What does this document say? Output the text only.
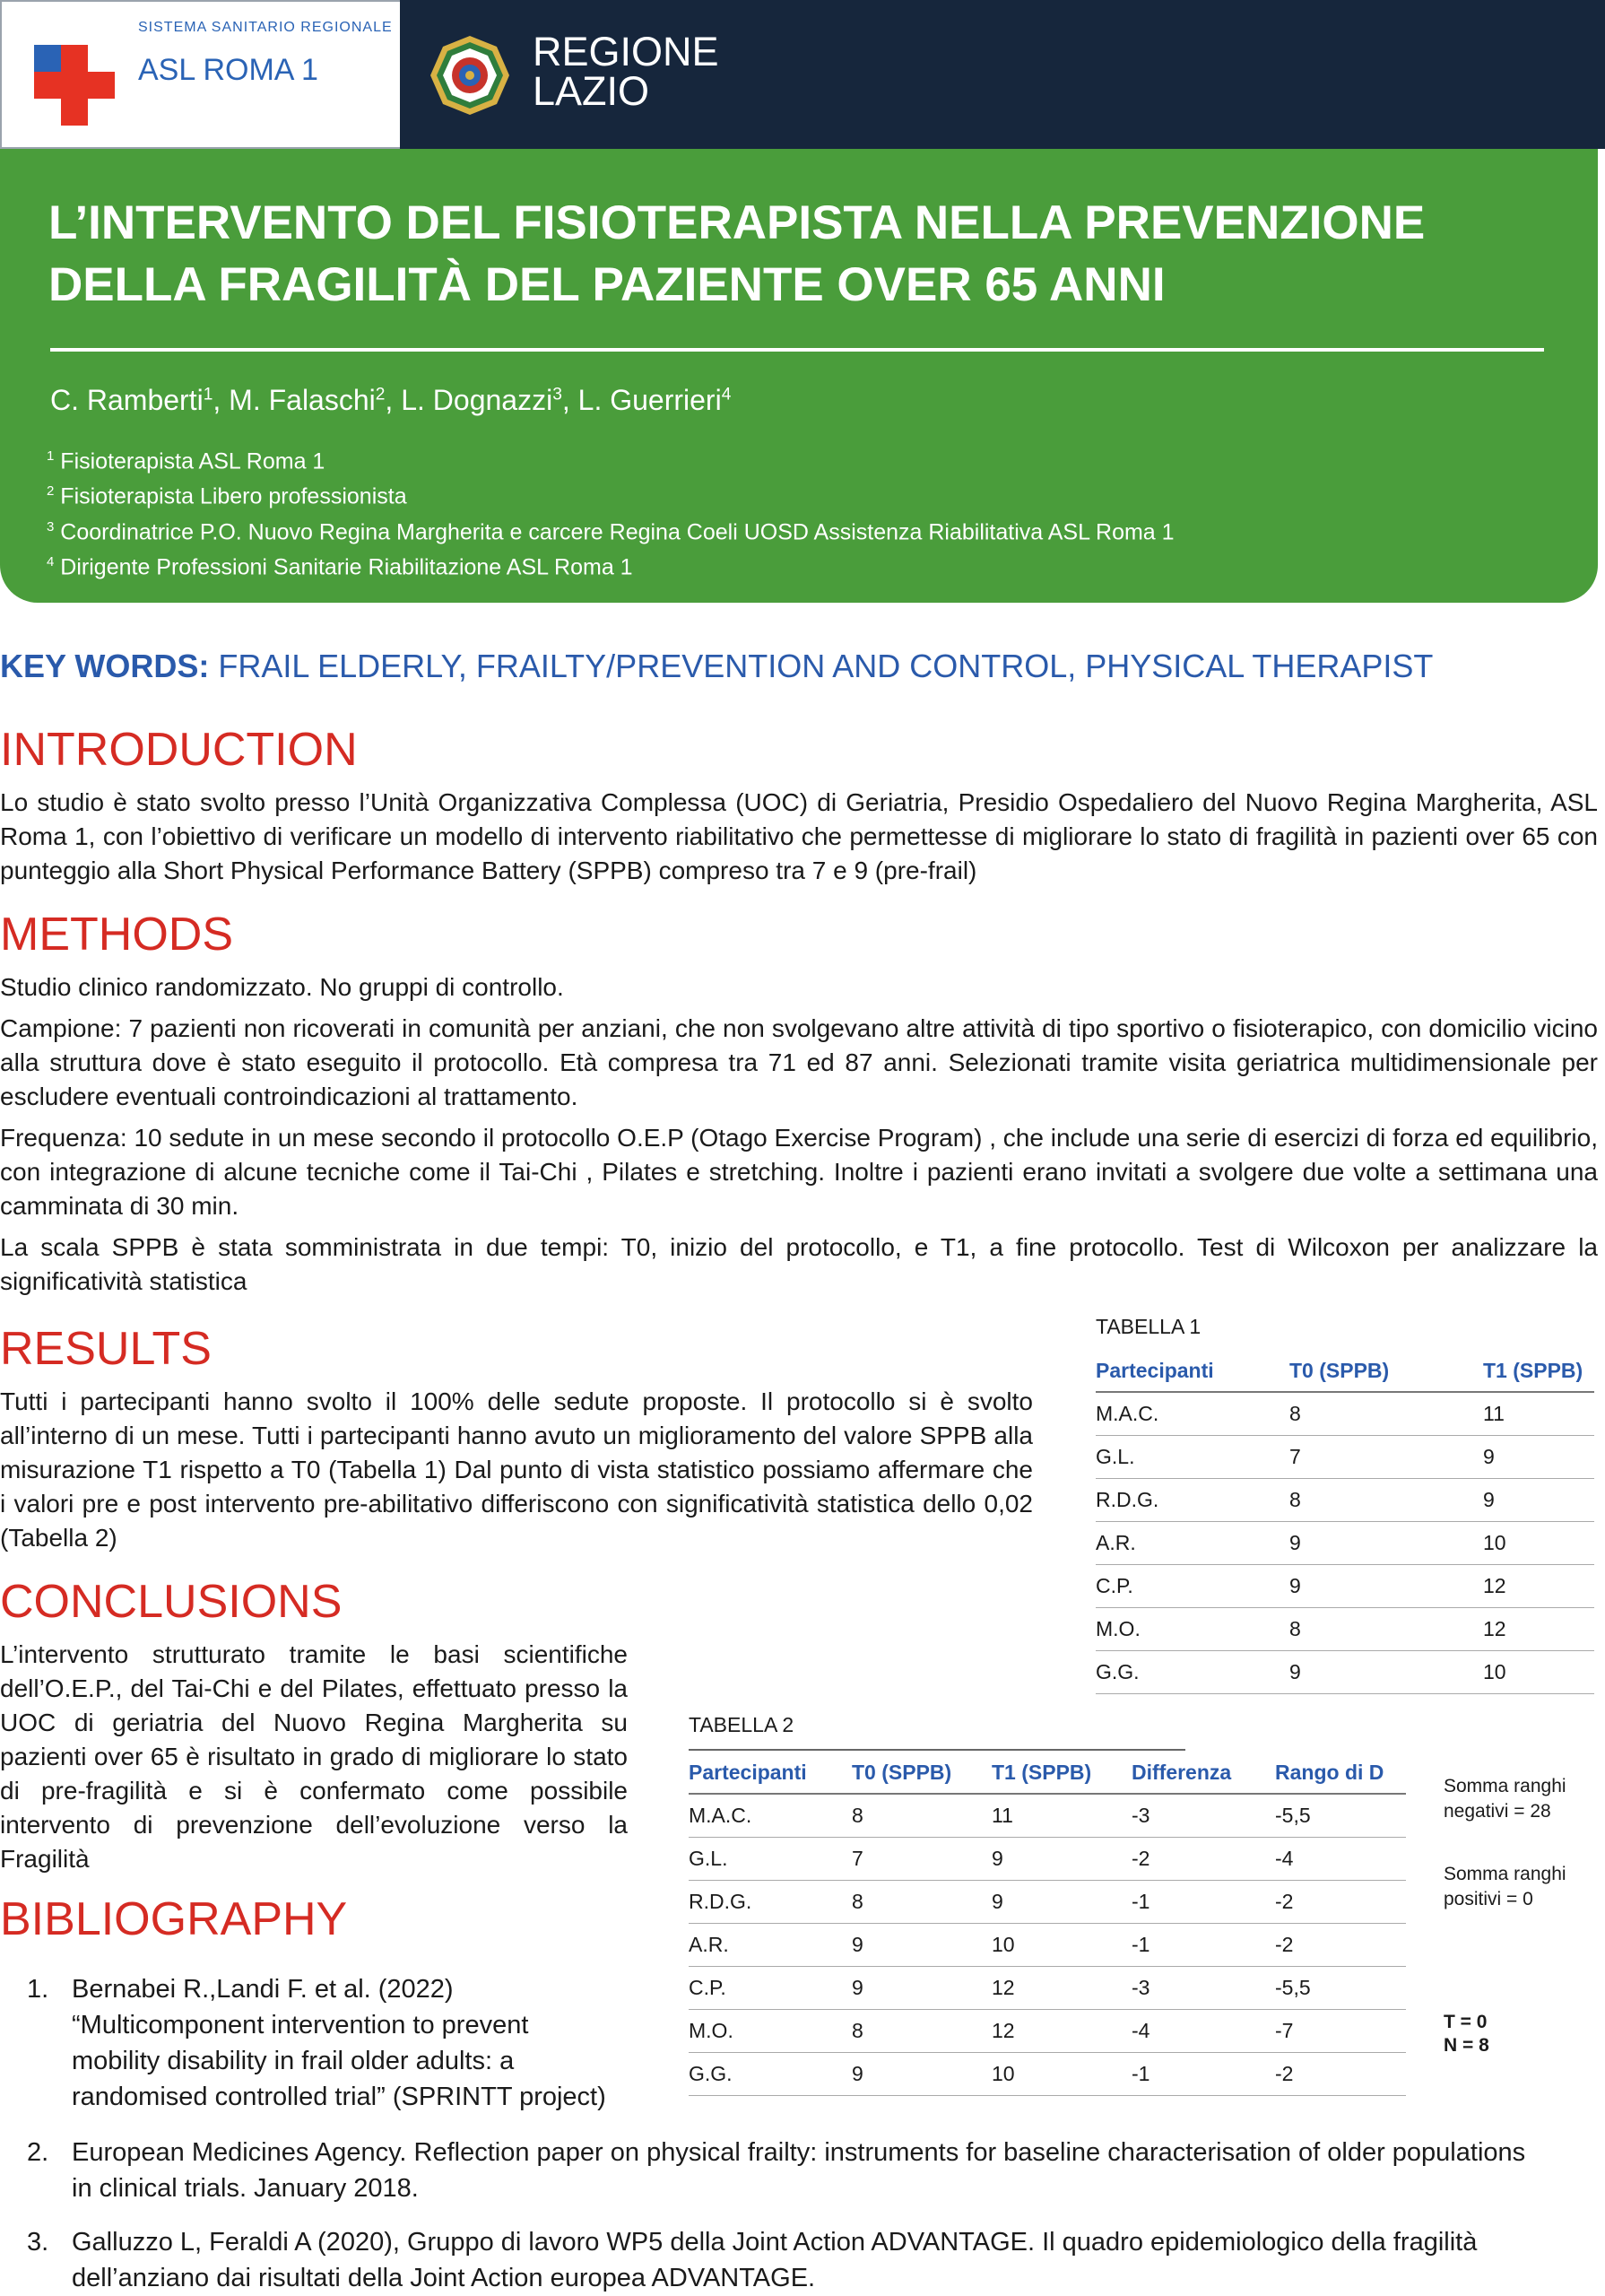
SISTEMA SANITARIO REGIONALE
ASL ROMA 1	REGIONE LAZIO
L’INTERVENTO DEL FISIOTERAPISTA NELLA PREVENZIONE DELLA FRAGILITÀ DEL PAZIENTE OVER 65 ANNI
C. Ramberti$^1$, M. Falaschi$^2$, L. Dognazzi$^3$, L. Guerrieri$^4$
$^1$ Fisioterapista ASL Roma 1
$^2$ Fisioterapista Libero professionista
$^3$ Coordinatrice P.O. Nuovo Regina Margherita e carcere Regina Coeli UOSD Assistenza Riabilitativa ASL Roma 1
$^4$ Dirigente Professioni Sanitarie Riabilitazione ASL Roma 1
KEY WORDS: FRAIL ELDERLY, FRAILTY/PREVENTION AND CONTROL, PHYSICAL THERAPIST
INTRODUCTION
Lo studio è stato svolto presso l’Unità Organizzativa Complessa (UOC) di Geriatria, Presidio Ospedaliero del Nuovo Regina Margherita, ASL Roma 1, con l’obiettivo di verificare un modello di intervento riabilitativo che permettesse di migliorare lo stato di fragilità in pazienti over 65 con punteggio alla Short Physical Performance Battery (SPPB) compreso tra 7 e 9 (pre-frail)
METHODS
Studio clinico randomizzato. No gruppi di controllo.
Campione: 7 pazienti non ricoverati in comunità per anziani, che non svolgevano altre attività di tipo sportivo o fisioterapico, con domicilio vicino alla struttura dove è stato eseguito il protocollo. Età compresa tra 71 ed 87 anni. Selezionati tramite visita geriatrica multidimensionale per escludere eventuali controindicazioni al trattamento.
Frequenza: 10 sedute in un mese secondo il protocollo O.E.P (Otago Exercise Program) , che include una serie di esercizi di forza ed equilibrio, con integrazione di alcune tecniche come il Tai-Chi , Pilates e stretching. Inoltre i pazienti erano invitati a svolgere due volte a settimana una camminata di 30 min.
La scala SPPB è stata somministrata in due tempi: T0, inizio del protocollo, e T1, a fine protocollo. Test di Wilcoxon per analizzare la significatività statistica
RESULTS
Tutti i partecipanti hanno svolto il 100% delle sedute proposte. Il protocollo si è svolto all’interno di un mese. Tutti i partecipanti hanno avuto un miglioramento del valore SPPB alla misurazione T1 rispetto a T0 (Tabella 1) Dal punto di vista statistico possiamo affermare che i valori pre e post intervento pre-abilitativo differiscono con significatività statistica dello 0,02 (Tabella 2)
TABELLA 1
Partecipanti	T0 (SPPB)	T1 (SPPB)
M.A.C.	8	11
G.L.	7	9
R.D.G.	8	9
A.R.	9	10
C.P.	9	12
M.O.	8	12
G.G.	9	10
CONCLUSIONS
L’intervento strutturato tramite le basi scientifiche dell’O.E.P., del Tai-Chi e del Pilates, effettuato presso la UOC di geriatria del Nuovo Regina Margherita su pazienti over 65 è risultato in grado di migliorare lo stato di pre-fragilità e si è confermato come possibile intervento di prevenzione dell’evoluzione verso la Fragilità
TABELLA 2
Partecipanti	T0 (SPPB)	T1 (SPPB)	Differenza	Rango di D
M.A.C.	8	11	-3	-5,5
G.L.	7	9	-2	-4
R.D.G.	8	9	-1	-2
A.R.	9	10	-1	-2
C.P.	9	12	-3	-5,5
M.O.	8	12	-4	-7
G.G.	9	10	-1	-2
Somma ranghi
negativi = 28
Somma ranghi
positivi = 0
T = 0
N = 8
BIBLIOGRAPHY
1. Bernabei R.,Landi F. et al. (2022)
“Multicomponent intervention to prevent
mobility disability in frail older adults: a
randomised controlled trial” (SPRINTT project)
2. European Medicines Agency. Reflection paper on physical frailty: instruments for baseline characterisation of older populations
in clinical trials. January 2018.
3. Galluzzo L, Feraldi A (2020), Gruppo di lavoro WP5 della Joint Action ADVANTAGE. Il quadro epidemiologico della fragilità
dell’anziano dai risultati della Joint Action europea ADVANTAGE.
